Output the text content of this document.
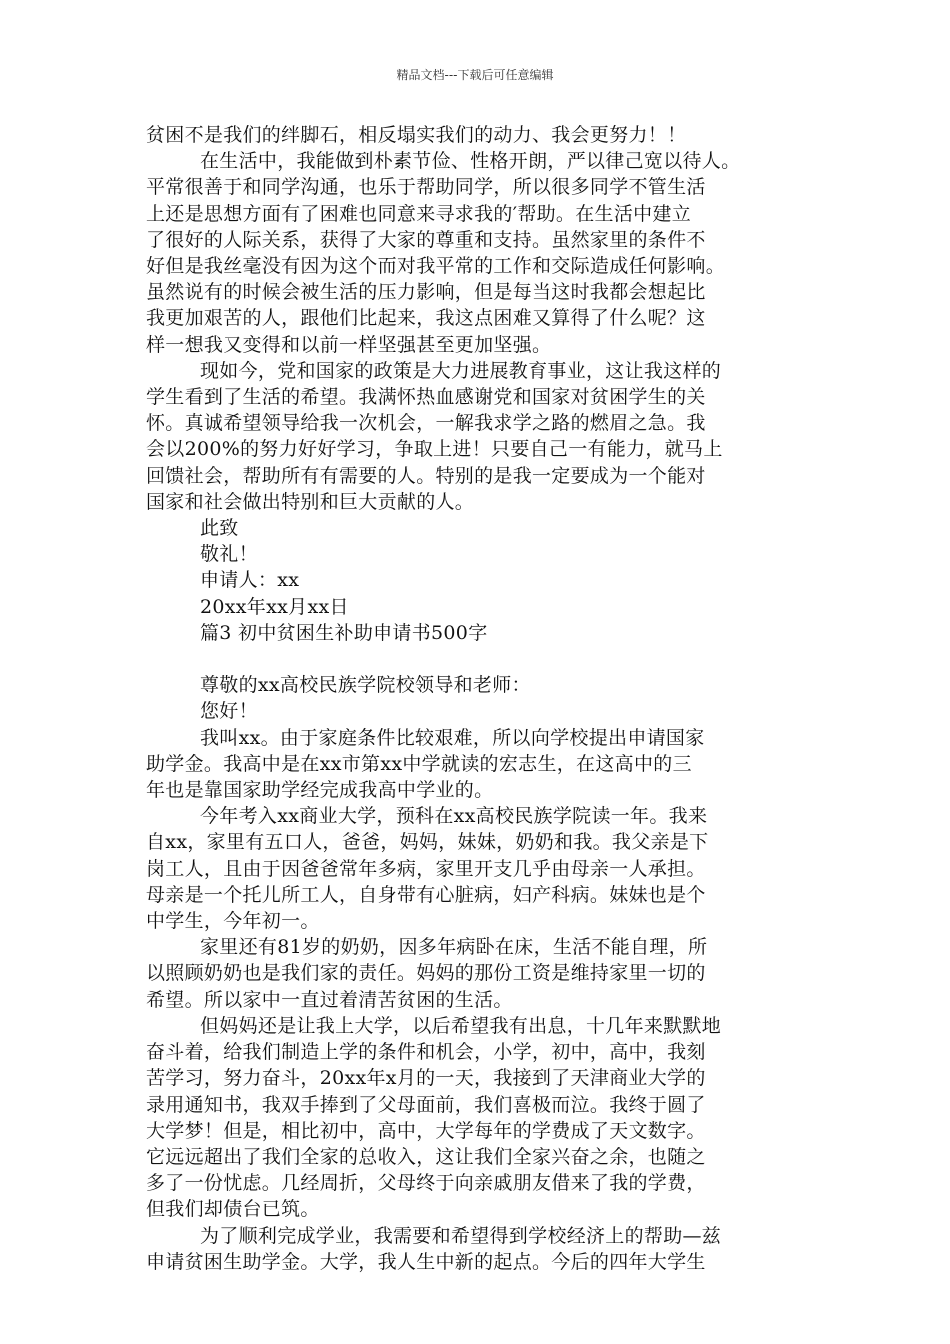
精品文档---下载后可任意编辑
贫困不是我们的绊脚石，相反塌实我们的动力、我会更努力！！
在生活中，我能做到朴素节俭、性格开朗，严以律己宽以待人。
平常很善于和同学沟通，也乐于帮助同学，所以很多同学不管生活
上还是思想方面有了困难也同意来寻求我的′帮助。在生活中建立
了很好的人际关系，获得了大家的尊重和支持。虽然家里的条件不
好但是我丝毫没有因为这个而对我平常的工作和交际造成任何影响。
虽然说有的时候会被生活的压力影响，但是每当这时我都会想起比
我更加艰苦的人，跟他们比起来，我这点困难又算得了什么呢？这
样一想我又变得和以前一样坚强甚至更加坚强。
现如今，党和国家的政策是大力进展教育事业，这让我这样的
学生看到了生活的希望。我满怀热血感谢党和国家对贫困学生的关
怀。真诚希望领导给我一次机会，一解我求学之路的燃眉之急。我
会以200%的努力好好学习，争取上进！只要自己一有能力，就马上
回馈社会，帮助所有有需要的人。特别的是我一定要成为一个能对
国家和社会做出特别和巨大贡献的人。
此致
敬礼！
申请人：xx
20xx年xx月xx日
篇3 初中贫困生补助申请书500字
尊敬的xx高校民族学院校领导和老师：
您好！
我叫xx。由于家庭条件比较艰难，所以向学校提出申请国家
助学金。我高中是在xx市第xx中学就读的宏志生，在这高中的三
年也是靠国家助学经完成我高中学业的。
今年考入xx商业大学，预科在xx高校民族学院读一年。我来
自xx，家里有五口人，爸爸，妈妈，妹妹，奶奶和我。我父亲是下
岗工人，且由于因爸爸常年多病，家里开支几乎由母亲一人承担。
母亲是一个托儿所工人，自身带有心脏病，妇产科病。妹妹也是个
中学生，今年初一。
家里还有81岁的奶奶，因多年病卧在床，生活不能自理，所
以照顾奶奶也是我们家的责任。妈妈的那份工资是维持家里一切的
希望。所以家中一直过着清苦贫困的生活。
但妈妈还是让我上大学，以后希望我有出息，十几年来默默地
奋斗着，给我们制造上学的条件和机会，小学，初中，高中，我刻
苦学习，努力奋斗，20xx年x月的一天，我接到了天津商业大学的
录用通知书，我双手捧到了父母面前，我们喜极而泣。我终于圆了
大学梦！但是，相比初中，高中，大学每年的学费成了天文数字。
它远远超出了我们全家的总收入，这让我们全家兴奋之余，也随之
多了一份忧虑。几经周折，父母终于向亲戚朋友借来了我的学费，
但我们却债台已筑。
为了顺利完成学业，我需要和希望得到学校经济上的帮助—兹
申请贫困生助学金。大学，我人生中新的起点。今后的四年大学生
